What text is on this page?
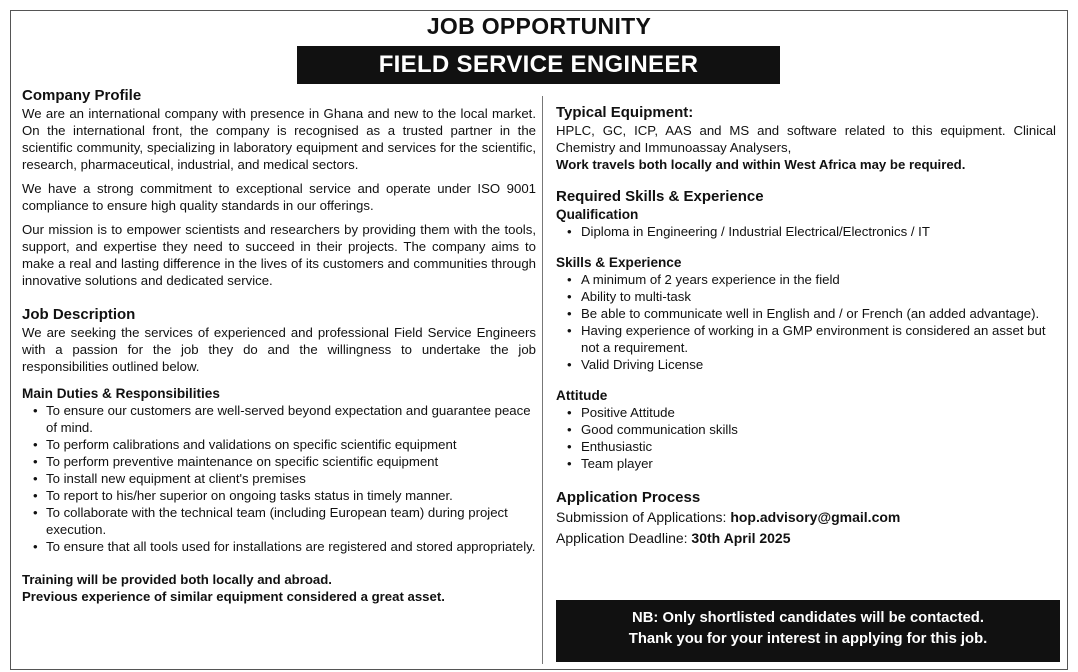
JOB OPPORTUNITY
FIELD SERVICE ENGINEER
Company Profile

We are an international company with presence in Ghana and new to the local market. On the international front, the company is recognised as a trusted partner in the scientific community, specializing in laboratory equipment and services for the scientific, research, pharmaceutical, industrial, and medical sectors.

We have a strong commitment to exceptional service and operate under ISO 9001 compliance to ensure high quality standards in our offerings.

Our mission is to empower scientists and researchers by providing them with the tools, support, and expertise they need to succeed in their projects. The company aims to make a real and lasting difference in the lives of its customers and communities through innovative solutions and dedicated service.

Job Description

We are seeking the services of experienced and professional Field Service Engineers with a passion for the job they do and the willingness to undertake the job responsibilities outlined below.

Main Duties & Responsibilities
• To ensure our customers are well-served beyond expectation and guarantee peace of mind.
• To perform calibrations and validations on specific scientific equipment
• To perform preventive maintenance on specific scientific equipment
• To install new equipment at client's premises
• To report to his/her superior on ongoing tasks status in timely manner.
• To collaborate with the technical team (including European team) during project execution.
• To ensure that all tools used for installations are registered and stored appropriately.
Training will be provided both locally and abroad.
Previous experience of similar equipment considered a great asset.
Typical Equipment:

HPLC, GC, ICP, AAS and MS and software related to this equipment. Clinical Chemistry and Immunoassay Analysers,

Work travels both locally and within West Africa may be required.
Required Skills & Experience
Qualification
• Diploma in Engineering / Industrial Electrical/Electronics / IT
Skills & Experience
• A minimum of 2 years experience in the field
• Ability to multi-task
• Be able to communicate well in English and / or French (an added advantage).
• Having experience of working in a GMP environment is considered an asset but not a requirement.
• Valid Driving License
Attitude
• Positive Attitude
• Good communication skills
• Enthusiastic
• Team player
Application Process
Submission of Applications: hop.advisory@gmail.com
Application Deadline: 30th April 2025
NB: Only shortlisted candidates will be contacted.
Thank you for your interest in applying for this job.
